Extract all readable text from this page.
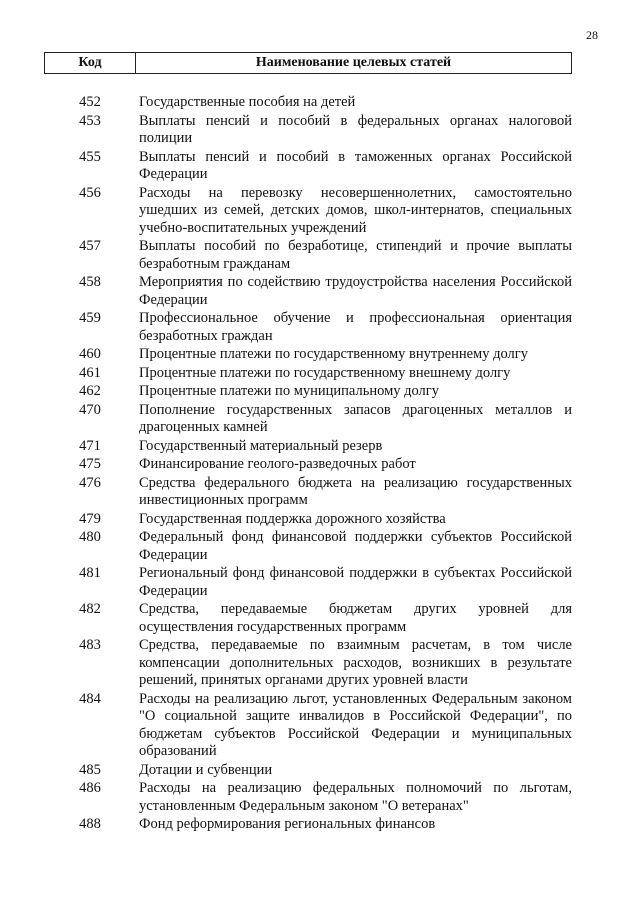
28
Код	Наименование целевых статей
452	Государственные пособия на детей
453	Выплаты пенсий и пособий в федеральных органах налоговой полиции
455	Выплаты пенсий и пособий в таможенных органах Российской Федерации
456	Расходы на перевозку несовершеннолетних, самостоятельно ушедших из семей, детских домов, школ-интернатов, специальных учебно-воспитательных учреждений
457	Выплаты пособий по безработице, стипендий и прочие выплаты безработным гражданам
458	Мероприятия по содействию трудоустройства населения Российской Федерации
459	Профессиональное обучение и профессиональная ориентация безработных граждан
460	Процентные платежи по государственному внутреннему долгу
461	Процентные платежи по государственному внешнему долгу
462	Процентные платежи по муниципальному долгу
470	Пополнение государственных запасов драгоценных металлов и драгоценных камней
471	Государственный материальный резерв
475	Финансирование геолого-разведочных работ
476	Средства федерального бюджета на реализацию государственных инвестиционных программ
479	Государственная поддержка дорожного хозяйства
480	Федеральный фонд финансовой поддержки субъектов Российской Федерации
481	Региональный фонд финансовой поддержки в субъектах Российской Федерации
482	Средства, передаваемые бюджетам других уровней для осуществления государственных программ
483	Средства, передаваемые по взаимным расчетам, в том числе компенсации дополнительных расходов, возникших в результате решений, принятых органами других уровней власти
484	Расходы на реализацию льгот, установленных Федеральным законом "О социальной защите инвалидов в Российской Федерации", по бюджетам субъектов Российской Федерации и муниципальных образований
485	Дотации и субвенции
486	Расходы на реализацию федеральных полномочий по льготам, установленным Федеральным законом "О ветеранах"
488	Фонд реформирования региональных финансов
